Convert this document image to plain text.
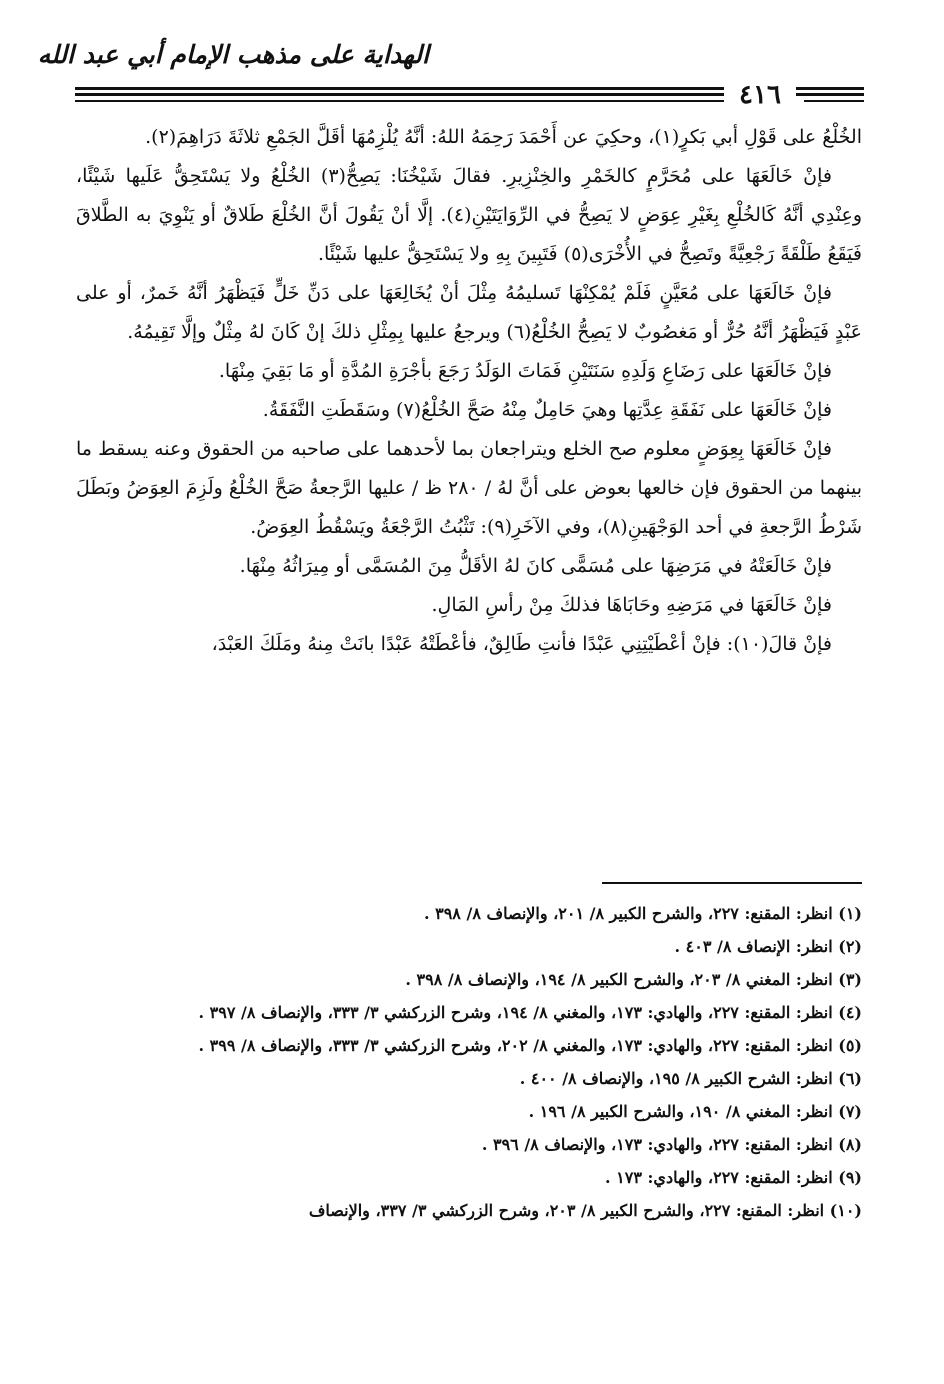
الهداية على مذهب الإمام أبي عبد الله
٤١٦

الخُلْعُ على قَوْلِ أبي بَكرٍ(١)، وحكِيَ عن أَحْمَدَ رَحِمَهُ اللهُ: أنَّهُ يُلْزِمُهَا أقَلَّ الجَمْعِ ثلاثَةَ دَرَاهِمَ(٢).

فإنْ خَالَعَهَا على مُحَرَّمٍ كالخَمْرِ والخِنْزِيرِ. فقالَ شَيْخُنَا: يَصِحُّ(٣) الخُلْعُ ولا يَسْتَحِقُّ عَلَيها شَيْئًا، وعِنْدِي أنَّهُ كَالخُلْعِ بِغَيْرِ عِوَضٍ لا يَصِحُّ في الرِّوَايَتَيْنِ(٤). إلَّا أنْ يَقُولَ أنَّ الخُلْعَ طَلاقٌ أو يَنْوِيَ به الطَّلاقَ فَيَقَعُ طَلْقَةً رَجْعِيَّةً وتَصِحُّ في الأُخْرَى(٥) فَتَبِينَ بِهِ ولا يَسْتَحِقُّ عليها شَيْئًا.

فإنْ خَالَعَهَا على مُعَيَّنٍ فَلَمْ يُمْكِنْهَا تَسليمُهُ مِثْلَ أنْ يُخَالِعَهَا على دَنِّ خَلٍّ فَيَظْهَرُ أنَّهُ خَمرٌ، أو على عَبْدٍ فَيَظْهَرُ أنَّهُ حُرٌّ أو مَغصُوبٌ لا يَصِحُّ الخُلْعُ(٦) ويرجعُ عليها بِمِثْلِ ذلكَ إنْ كَانَ لهُ مِثْلٌ وإلَّا تَقِيمُهُ.

فإنْ خَالَعَهَا على رَضَاعِ وَلَدِهِ سَنَتَيْنِ فَمَاتَ الوَلَدُ رَجَعَ بأجْرَةِ المُدَّةِ أو مَا بَقِيَ مِنْهَا.

فإنْ خَالَعَهَا على نَفَقَةِ عِدَّتِها وهيَ حَامِلٌ مِنْهُ صَحَّ الخُلْعُ(٧) وسَقَطَتِ النَّفَقَةُ.

فإنْ خَالَعَهَا بِعِوَضٍ معلوم صح الخلع ويتراجعان بما لأحدهما على صاحبه من الحقوق وعنه يسقط ما بينهما من الحقوق فإن خالعها بعوض على أنَّ لهُ / ٢٨٠ ظ / عليها الرَّجعةُ صَحَّ الخُلْعُ ولَزِمَ العِوَضُ وبَطَلَ شَرْطُ الرَّجعةِ في أحد الوَجْهَينِ(٨)، وفي الآخَرِ(٩): تَثْبُتُ الرَّجْعَةُ ويَسْقُطُ العِوَضُ.

فإنْ خَالَعَتْهُ في مَرَضِهَا على مُسَمًّى كانَ لهُ الأقَلُّ مِنَ المُسَمَّى أو مِيرَاثُهُ مِنْهَا.

فإنْ خَالَعَهَا في مَرَضِهِ وحَابَاهَا فذلكَ مِنْ رأسِ المَالِ.

فإنْ قالَ(١٠): فإنْ أعْطَيْتِنِي عَبْدًا فأنتِ طَالِقٌ، فأعْطَتْهُ عَبْدًا بانَتْ مِنهُ ومَلَكَ العَبْدَ،

(١) انظر: المقنع: ٢٢٧، والشرح الكبير ٨/ ٢٠١، والإنصاف ٨/ ٣٩٨ .

(٢) انظر: الإنصاف ٨/ ٤٠٣ .

(٣) انظر: المغني ٨/ ٢٠٣، والشرح الكبير ٨/ ١٩٤، والإنصاف ٨/ ٣٩٨ .

(٤) انظر: المقنع: ٢٢٧، والهادي: ١٧٣، والمغني ٨/ ١٩٤، وشرح الزركشي ٣/ ٣٣٣، والإنصاف ٨/ ٣٩٧ .

(٥) انظر: المقنع: ٢٢٧، والهادي: ١٧٣، والمغني ٨/ ٢٠٢، وشرح الزركشي ٣/ ٣٣٣، والإنصاف ٨/ ٣٩٩ .

(٦) انظر: الشرح الكبير ٨/ ١٩٥، والإنصاف ٨/ ٤٠٠ .

(٧) انظر: المغني ٨/ ١٩٠، والشرح الكبير ٨/ ١٩٦ .

(٨) انظر: المقنع: ٢٢٧، والهادي: ١٧٣، والإنصاف ٨/ ٣٩٦ .

(٩) انظر: المقنع: ٢٢٧، والهادي: ١٧٣ .

(١٠) انظر: المقنع: ٢٢٧، والشرح الكبير ٨/ ٢٠٣، وشرح الزركشي ٣/ ٣٣٧، والإنصاف
